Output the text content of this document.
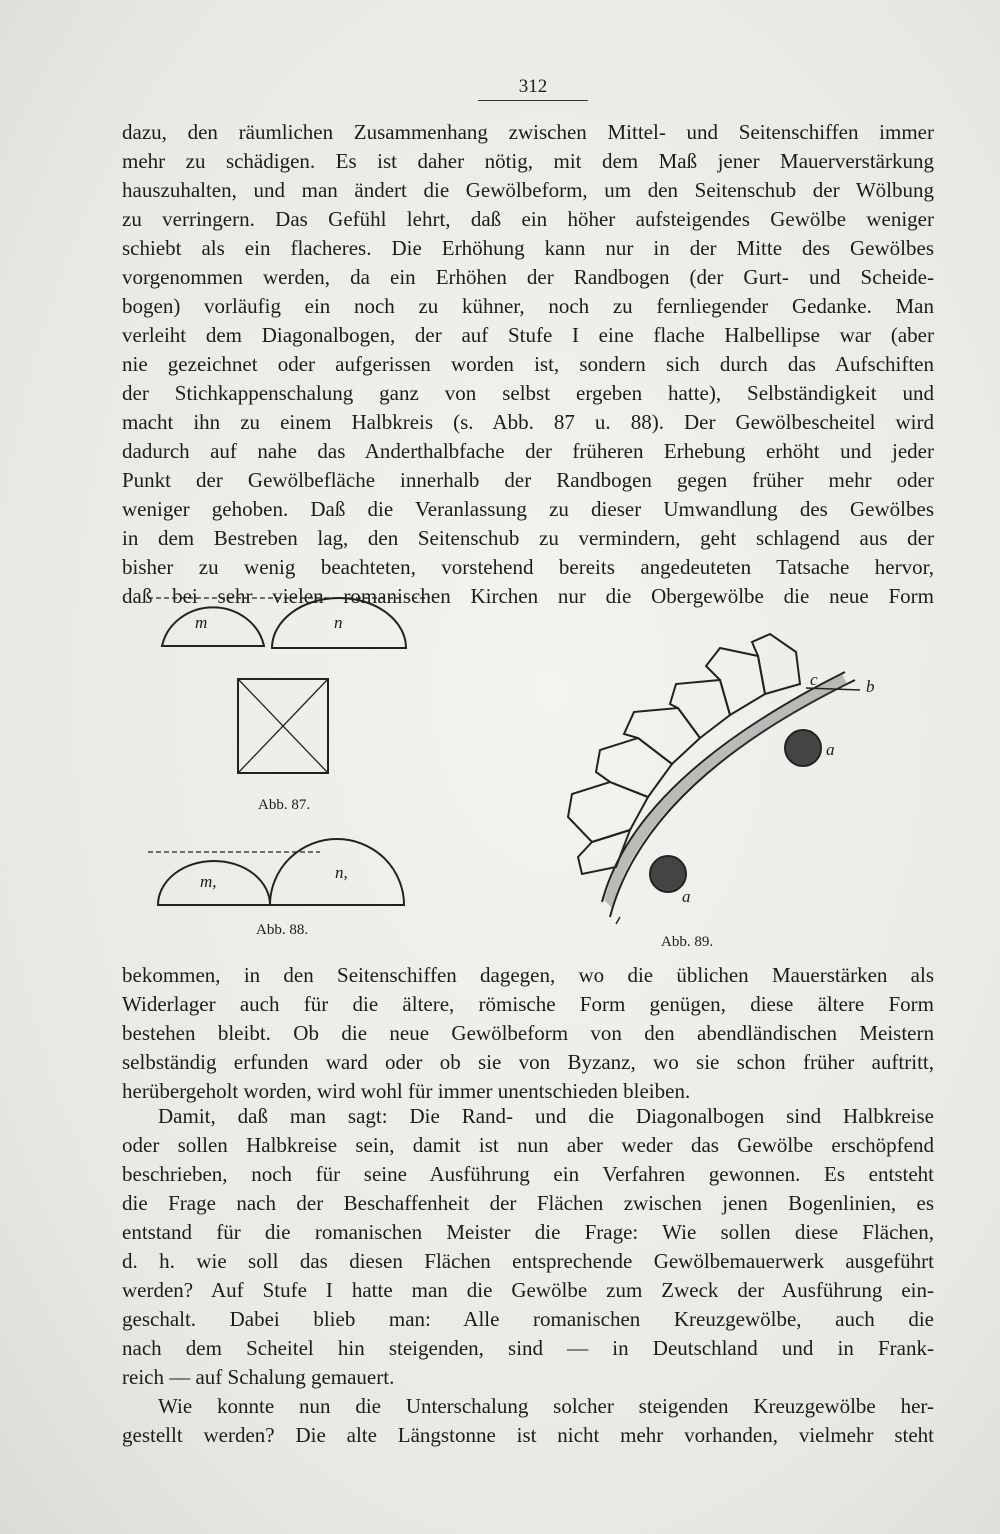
312
dazu, den räumlichen Zusammenhang zwischen Mittel- und Seitenschiffen immer
mehr zu schädigen. Es ist daher nötig, mit dem Maß jener Mauerverstärkung
hauszuhalten, und man ändert die Gewölbeform, um den Seitenschub der Wölbung
zu verringern. Das Gefühl lehrt, daß ein höher aufsteigendes Gewölbe weniger
schiebt als ein flacheres. Die Erhöhung kann nur in der Mitte des Gewölbes
vorgenommen werden, da ein Erhöhen der Randbogen (der Gurt- und Scheide-
bogen) vorläufig ein noch zu kühner, noch zu fernliegender Gedanke. Man
verleiht dem Diagonalbogen, der auf Stufe I eine flache Halbellipse war (aber
nie gezeichnet oder aufgerissen worden ist, sondern sich durch das Aufschiften
der Stichkappenschalung ganz von selbst ergeben hatte), Selbständigkeit und
macht ihn zu einem Halbkreis (s. Abb. 87 u. 88). Der Gewölbescheitel wird
dadurch auf nahe das Anderthalbfache der früheren Erhebung erhöht und jeder
Punkt der Gewölbefläche innerhalb der Randbogen gegen früher mehr oder
weniger gehoben. Daß die Veranlassung zu dieser Umwandlung des Gewölbes
in dem Bestreben lag, den Seitenschub zu vermindern, geht schlagend aus der
bisher zu wenig beachteten, vorstehend bereits angedeuteten Tatsache hervor,
daß bei sehr vielen romanischen Kirchen nur die Obergewölbe die neue Form
m	n
Abb. 87.
m,	n,
Abb. 88.
c	b
a
a
Abb. 89.
bekommen, in den Seitenschiffen dagegen, wo die üblichen Mauerstärken als
Widerlager auch für die ältere, römische Form genügen, diese ältere Form
bestehen bleibt. Ob die neue Gewölbeform von den abendländischen Meistern
selbständig erfunden ward oder ob sie von Byzanz, wo sie schon früher auftritt,
herübergeholt worden, wird wohl für immer unentschieden bleiben.
Damit, daß man sagt: Die Rand- und die Diagonalbogen sind Halbkreise
oder sollen Halbkreise sein, damit ist nun aber weder das Gewölbe erschöpfend
beschrieben, noch für seine Ausführung ein Verfahren gewonnen. Es entsteht
die Frage nach der Beschaffenheit der Flächen zwischen jenen Bogenlinien, es
entstand für die romanischen Meister die Frage: Wie sollen diese Flächen,
d. h. wie soll das diesen Flächen entsprechende Gewölbemauerwerk ausgeführt
werden? Auf Stufe I hatte man die Gewölbe zum Zweck der Ausführung ein-
geschalt. Dabei blieb man: Alle romanischen Kreuzgewölbe, auch die
nach dem Scheitel hin steigenden, sind — in Deutschland und in Frank-
reich — auf Schalung gemauert.
Wie konnte nun die Unterschalung solcher steigenden Kreuzgewölbe her-
gestellt werden? Die alte Längstonne ist nicht mehr vorhanden, vielmehr steht
